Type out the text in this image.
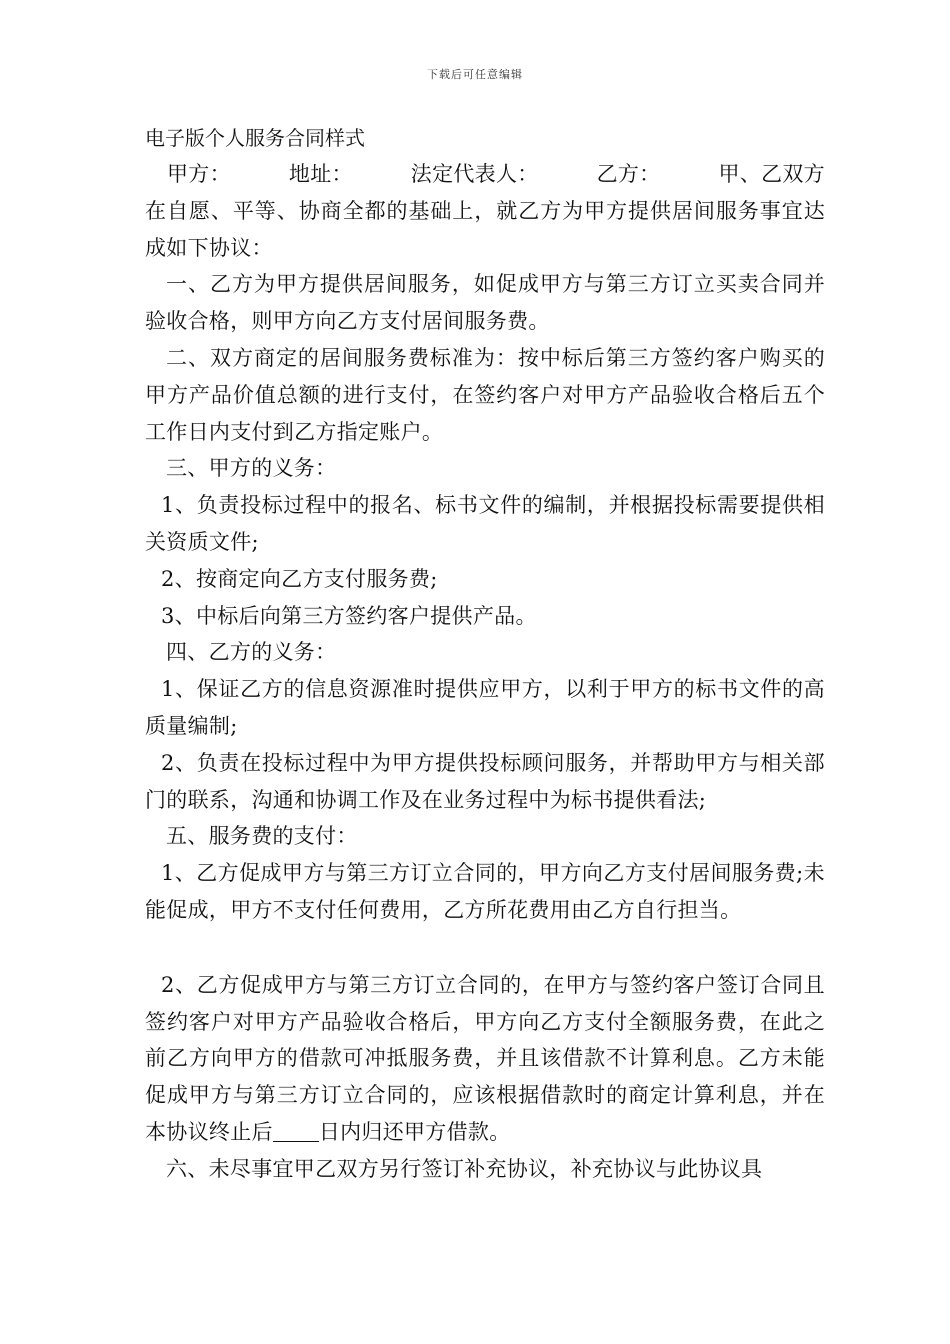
下载后可任意编辑
电子版个人服务合同样式
甲方：	地址：	法定代表人：	乙方：	甲、乙双方

在自愿、平等、协商全都的基础上，就乙方为甲方提供居间服务事宜达成如下协议：

一、乙方为甲方提供居间服务，如促成甲方与第三方订立买卖合同并验收合格，则甲方向乙方支付居间服务费。

二、双方商定的居间服务费标准为：按中标后第三方签约客户购买的甲方产品价值总额的进行支付，在签约客户对甲方产品验收合格后五个工作日内支付到乙方指定账户。

三、甲方的义务：

1、负责投标过程中的报名、标书文件的编制，并根据投标需要提供相关资质文件;

2、按商定向乙方支付服务费;

3、中标后向第三方签约客户提供产品。

四、乙方的义务：

1、保证乙方的信息资源准时提供应甲方，以利于甲方的标书文件的高质量编制;

2、负责在投标过程中为甲方提供投标顾问服务，并帮助甲方与相关部门的联系，沟通和协调工作及在业务过程中为标书提供看法;

五、服务费的支付：

1、乙方促成甲方与第三方订立合同的，甲方向乙方支付居间服务费;未能促成，甲方不支付任何费用，乙方所花费用由乙方自行担当。

2、乙方促成甲方与第三方订立合同的，在甲方与签约客户签订合同且签约客户对甲方产品验收合格后，甲方向乙方支付全额服务费，在此之前乙方向甲方的借款可冲抵服务费，并且该借款不计算利息。乙方未能促成甲方与第三方订立合同的，应该根据借款时的商定计算利息，并在本协议终止后 日内归还甲方借款。

六、未尽事宜甲乙双方另行签订补充协议，补充协议与此协议具
